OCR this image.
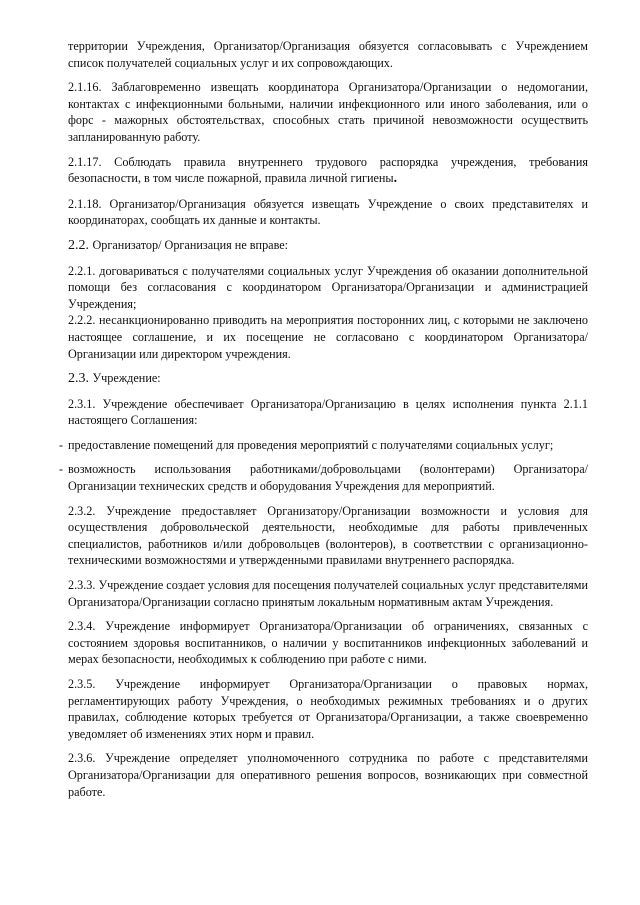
территории Учреждения, Организатор/Организация обязуется согласовывать с Учреждением список получателей социальных услуг и их сопровождающих.

2.1.16. Заблаговременно извещать координатора Организатора/Организации о недомогании, контактах с инфекционными больными, наличии инфекционного или иного заболевания, или о форс - мажорных обстоятельствах, способных стать причиной невозможности осуществить запланированную работу.

2.1.17. Соблюдать правила внутреннего трудового распорядка учреждения, требования безопасности, в том числе пожарной, правила личной гигиены.

2.1.18. Организатор/Организация обязуется извещать Учреждение о своих представителях и координаторах, сообщать их данные и контакты.

2.2. Организатор/ Организация не вправе:

2.2.1. договариваться с получателями социальных услуг Учреждения об оказании дополнительной помощи без согласования с координатором Организатора/Организации и администрацией Учреждения;

2.2.2. несанкционированно приводить на мероприятия посторонних лиц, с которыми не заключено настоящее соглашение, и их посещение не согласовано с координатором Организатора/Организации или директором учреждения.

2.3. Учреждение:

2.3.1. Учреждение обеспечивает Организатора/Организацию в целях исполнения пункта 2.1.1 настоящего Соглашения:

- предоставление помещений для проведения мероприятий с получателями социальных услуг;
- возможность использования работниками/добровольцами (волонтерами) Организатора/Организации технических средств и оборудования Учреждения для мероприятий.

2.3.2. Учреждение предоставляет Организатору/Организации возможности и условия для осуществления добровольческой деятельности, необходимые для работы привлеченных специалистов, работников и/или добровольцев (волонтеров), в соответствии с организационно-техническими возможностями и утвержденными правилами внутреннего распорядка.

2.3.3. Учреждение создает условия для посещения получателей социальных услуг представителями Организатора/Организации согласно принятым локальным нормативным актам Учреждения.

2.3.4. Учреждение информирует Организатора/Организации об ограничениях, связанных с состоянием здоровья воспитанников, о наличии у воспитанников инфекционных заболеваний и мерах безопасности, необходимых к соблюдению при работе с ними.

2.3.5. Учреждение информирует Организатора/Организации о правовых нормах, регламентирующих работу Учреждения, о необходимых режимных требованиях и о других правилах, соблюдение которых требуется от Организатора/Организации, а также своевременно уведомляет об изменениях этих норм и правил.

2.3.6. Учреждение определяет уполномоченного сотрудника по работе с представителями Организатора/Организации для оперативного решения вопросов, возникающих при совместной работе.
